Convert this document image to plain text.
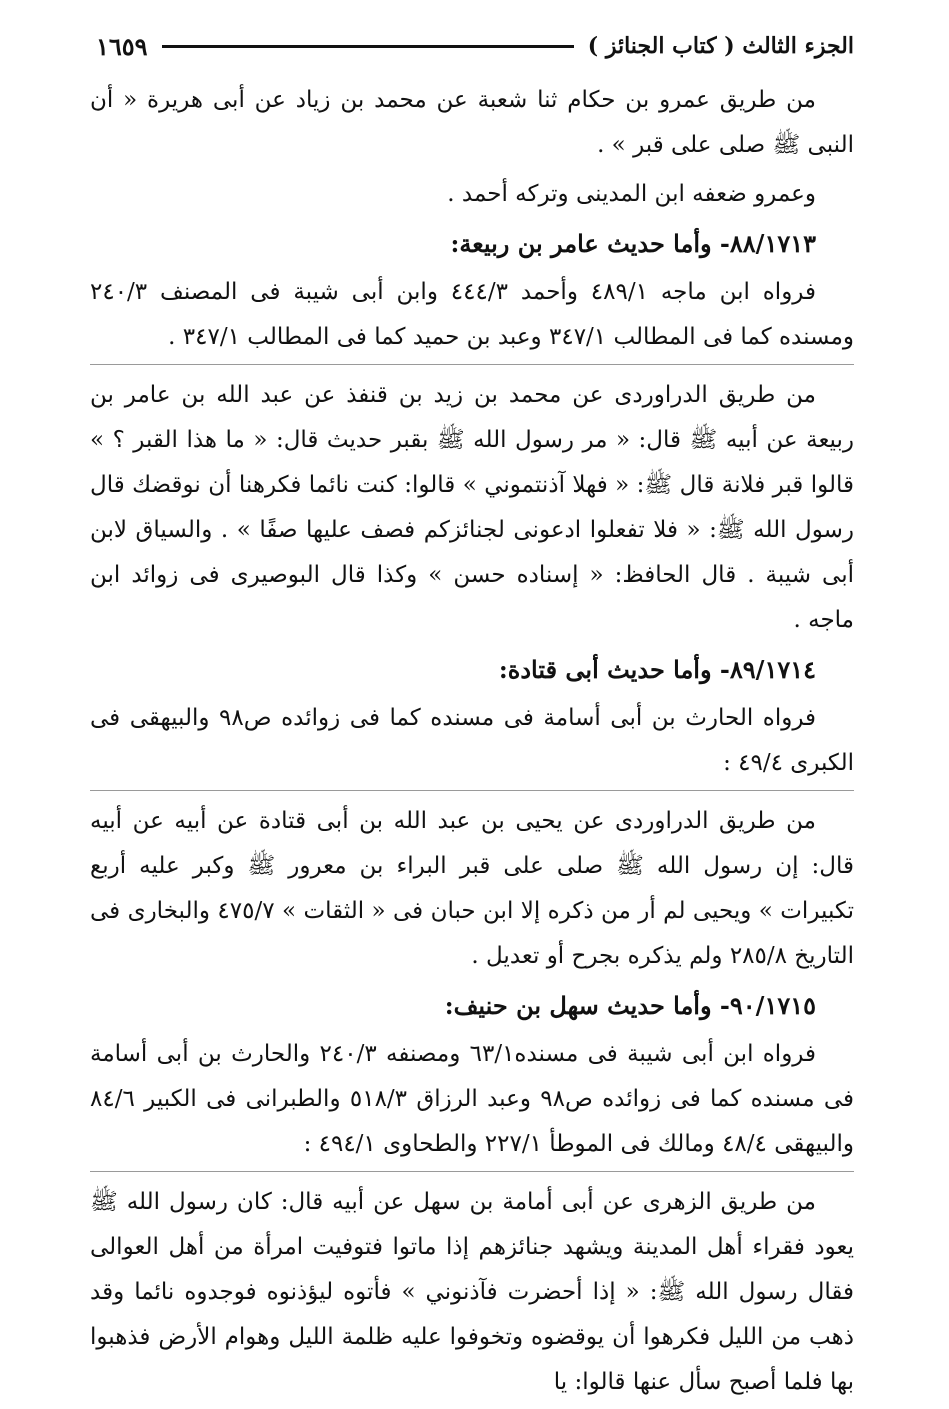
الجزء الثالث ( كتاب الجنائز )
١٦٥٩

من طريق عمرو بن حكام ثنا شعبة عن محمد بن زياد عن أبى هريرة « أن النبى ﷺ صلى على قبر » .

وعمرو ضعفه ابن المدينى وتركه أحمد .

٨٨/١٧١٣- وأما حديث عامر بن ربيعة:

فرواه ابن ماجه ٤٨٩/١ وأحمد ٤٤٤/٣ وابن أبى شيبة فى المصنف ٢٤٠/٣ ومسنده كما فى المطالب ٣٤٧/١ وعبد بن حميد كما فى المطالب ٣٤٧/١ .

من طريق الدراوردى عن محمد بن زيد بن قنفذ عن عبد الله بن عامر بن ربيعة عن أبيه ﷺ قال: « مر رسول الله ﷺ بقبر حديث قال: « ما هذا القبر ؟ » قالوا قبر فلانة قال ﷺ: « فهلا آذنتموني » قالوا: كنت نائما فكرهنا أن نوقضك قال رسول الله ﷺ: « فلا تفعلوا ادعونى لجنائزكم فصف عليها صفًا » . والسياق لابن أبى شيبة . قال الحافظ: « إسناده حسن » وكذا قال البوصيرى فى زوائد ابن ماجه .

٨٩/١٧١٤- وأما حديث أبى قتادة:

فرواه الحارث بن أبى أسامة فى مسنده كما فى زوائده ص٩٨ والبيهقى فى الكبرى ٤٩/٤ :

من طريق الدراوردى عن يحيى بن عبد الله بن أبى قتادة عن أبيه عن أبيه قال: إن رسول الله ﷺ صلى على قبر البراء بن معرور ﷺ وكبر عليه أربع تكبيرات » ويحيى لم أر من ذكره إلا ابن حبان فى « الثقات » ٤٧٥/٧ والبخارى فى التاريخ ٢٨٥/٨ ولم يذكره بجرح أو تعديل .

٩٠/١٧١٥- وأما حديث سهل بن حنيف:

فرواه ابن أبى شيبة فى مسنده٦٣/١ ومصنفه ٢٤٠/٣ والحارث بن أبى أسامة فى مسنده كما فى زوائده ص٩٨ وعبد الرزاق ٥١٨/٣ والطبرانى فى الكبير ٨٤/٦ والبيهقى ٤٨/٤ ومالك فى الموطأ ٢٢٧/١ والطحاوى ٤٩٤/١ :

من طريق الزهرى عن أبى أمامة بن سهل عن أبيه قال: كان رسول الله ﷺ يعود فقراء أهل المدينة ويشهد جنائزهم إذا ماتوا فتوفيت امرأة من أهل العوالى فقال رسول الله ﷺ: « إذا أحضرت فآذنوني » فأتوه ليؤذنوه فوجدوه نائما وقد ذهب من الليل فكرهوا أن يوقضوه وتخوفوا عليه ظلمة الليل وهوام الأرض فذهبوا بها فلما أصبح سأل عنها قالوا: يا
